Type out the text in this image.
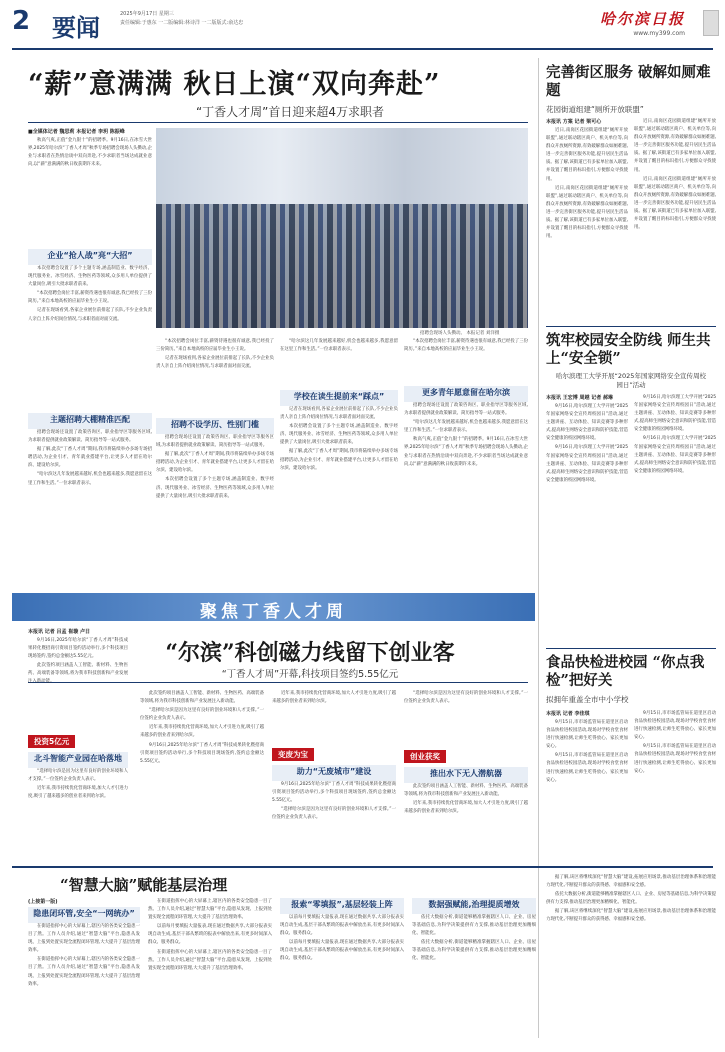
2 要闻	2025年9月17日 星期三
责任编辑:于惠东 一二版编辑:林诗洋 一二版版式:俞达忠	哈尔滨日报
www.my399.com
“薪”意满满 秋日上演“双向奔赴”
“丁香人才周”首日迎来超4万求职者
■全媒体记者 魏思莉 本报记者 李玥 陈振峰

秋高气爽,正值“金九银十”的招聘季。9月16日,在冰雪大世界,2025年哈尔滨“丁香人才周”秋季专场招聘会现场人头攒动,企业与求职者在热情洽谈中双向奔赴,不少求职者当场达成就业意向,以“薪”意满满的秋日收获期许未来。

企业“抢人战”亮“大招”

本次招聘会设置了多个主题专场,涵盖制造业、数字经济、现代服务业、冰雪经济、生物医药等领域,众多用人单位提供了大量岗位,吸引大批求职者前来。

“本次招聘会岗位丰富,薪资待遇也很有诚意,我已经投了三份简历。”来自本地高校的应届毕业生小王说。

记者在现场看到,各家企业展位前排起了长队,不少企业负责人亲自上阵介绍岗位情况,与求职者面对面交流。

主题招聘大棚精准匹配

招聘会现场还设置了政策咨询区、职业指导区等服务区域,为求职者提供就业政策解读、简历指导等一站式服务。

据了解,此次“丁香人才周”期间,我市将陆续举办多场专场招聘活动,为企业引才、青年就业搭建平台,让更多人才留在哈尔滨、建设哈尔滨。

“哈尔滨这几年发展越来越好,机会也越来越多,我愿意留在这里工作和生活。”一位求职者表示。

招聘会现场人头攒动。 本报记者 刘洋摄

“本次招聘会岗位丰富,薪资待遇也很有诚意,我已经投了三份简历。”来自本地高校的应届毕业生小王说。

记者在现场看到,各家企业展位前排起了长队,不少企业负责人亲自上阵介绍岗位情况,与求职者面对面交流。

招聘不设学历、性别门槛

招聘会现场还设置了政策咨询区、职业指导区等服务区域,为求职者提供就业政策解读、简历指导等一站式服务。

据了解,此次“丁香人才周”期间,我市将陆续举办多场专场招聘活动,为企业引才、青年就业搭建平台,让更多人才留在哈尔滨、建设哈尔滨。

本次招聘会设置了多个主题专场,涵盖制造业、数字经济、现代服务业、冰雪经济、生物医药等领域,众多用人单位提供了大量岗位,吸引大批求职者前来。

“哈尔滨这几年发展越来越好,机会也越来越多,我愿意留在这里工作和生活。”一位求职者表示。

学校在读生提前来“踩点”

记者在现场看到,各家企业展位前排起了长队,不少企业负责人亲自上阵介绍岗位情况,与求职者面对面交流。

本次招聘会设置了多个主题专场,涵盖制造业、数字经济、现代服务业、冰雪经济、生物医药等领域,众多用人单位提供了大量岗位,吸引大批求职者前来。

据了解,此次“丁香人才周”期间,我市将陆续举办多场专场招聘活动,为企业引才、青年就业搭建平台,让更多人才留在哈尔滨、建设哈尔滨。

“本次招聘会岗位丰富,薪资待遇也很有诚意,我已经投了三份简历。”来自本地高校的应届毕业生小王说。

更多青年愿意留在哈尔滨

招聘会现场还设置了政策咨询区、职业指导区等服务区域,为求职者提供就业政策解读、简历指导等一站式服务。

“哈尔滨这几年发展越来越好,机会也越来越多,我愿意留在这里工作和生活。”一位求职者表示。

秋高气爽,正值“金九银十”的招聘季。9月16日,在冰雪大世界,2025年哈尔滨“丁香人才周”秋季专场招聘会现场人头攒动,企业与求职者在热情洽谈中双向奔赴,不少求职者当场达成就业意向,以“薪”意满满的秋日收获期许未来。

完善街区服务 破解如厕难题
花园街道组建“厕所开放联盟”
本报讯 方案 记者 梁可心

近日,南岗区花园街道组建“厕所开放联盟”,通过联动辖区商户、机关单位等,向群众开放厕所资源,有效破解群众如厕难题,进一步完善街区服务功能,提升居民生活品质。据了解,该街道已有多家单位加入联盟,并设置了醒目的标识指引,方便群众寻找使用。

近日,南岗区花园街道组建“厕所开放联盟”,通过联动辖区商户、机关单位等,向群众开放厕所资源,有效破解群众如厕难题,进一步完善街区服务功能,提升居民生活品质。据了解,该街道已有多家单位加入联盟,并设置了醒目的标识指引,方便群众寻找使用。

近日,南岗区花园街道组建“厕所开放联盟”,通过联动辖区商户、机关单位等,向群众开放厕所资源,有效破解群众如厕难题,进一步完善街区服务功能,提升居民生活品质。据了解,该街道已有多家单位加入联盟,并设置了醒目的标识指引,方便群众寻找使用。

近日,南岗区花园街道组建“厕所开放联盟”,通过联动辖区商户、机关单位等,向群众开放厕所资源,有效破解群众如厕难题,进一步完善街区服务功能,提升居民生活品质。据了解,该街道已有多家单位加入联盟,并设置了醒目的标识指引,方便群众寻找使用。

筑牢校园安全防线 师生共上“安全锁”
哈尔滨理工大学开展“2025年国家网络安全宣传周校园日”活动
本报讯 王宏博 周越 记者 郝琳

9月16日,哈尔滨理工大学开展“2025年国家网络安全宣传周校园日”活动,通过主题讲座、互动体验、知识竞赛等多种形式,提高师生网络安全意识和防护技能,营造安全健康的校园网络环境。

9月16日,哈尔滨理工大学开展“2025年国家网络安全宣传周校园日”活动,通过主题讲座、互动体验、知识竞赛等多种形式,提高师生网络安全意识和防护技能,营造安全健康的校园网络环境。

9月16日,哈尔滨理工大学开展“2025年国家网络安全宣传周校园日”活动,通过主题讲座、互动体验、知识竞赛等多种形式,提高师生网络安全意识和防护技能,营造安全健康的校园网络环境。

9月16日,哈尔滨理工大学开展“2025年国家网络安全宣传周校园日”活动,通过主题讲座、互动体验、知识竞赛等多种形式,提高师生网络安全意识和防护技能,营造安全健康的校园网络环境。

食品快检进校园 “你点我检”把好关
拟拥年重盖全市中小学校
本报讯 记者 李佳琪

9月15日,市市场监管局在道里区启动食品快检进校园活动,现场对学校食堂食材进行快速检测,让师生吃得放心、家长更加安心。

9月15日,市市场监管局在道里区启动食品快检进校园活动,现场对学校食堂食材进行快速检测,让师生吃得放心、家长更加安心。

9月15日,市市场监管局在道里区启动食品快检进校园活动,现场对学校食堂食材进行快速检测,让师生吃得放心、家长更加安心。

9月15日,市市场监管局在道里区启动食品快检进校园活动,现场对学校食堂食材进行快速检测,让师生吃得放心、家长更加安心。

聚焦丁香人才周
“尔滨”科创磁力线留下创业客
“丁香人才周”开幕,科技项目签约5.55亿元
本报讯 记者 吕孟 崔璇 卢日

9月16日,2025年哈尔滨“丁香人才周”科技成果转化暨招商引资项目签约活动举行,多个科技项目现场签约,签约总金额达5.55亿元。

此次签约项目涵盖人工智能、新材料、生物医药、高端装备等领域,将为我市科技创新和产业发展注入新动能。

投资5亿元
北斗智能产业园在哈落地

“选择哈尔滨是因为这里有良好的创业环境和人才支撑。”一位签约企业负责人表示。

近年来,我市持续优化营商环境,加大人才引进力度,吸引了越来越多的创业者来到哈尔滨。

此次签约项目涵盖人工智能、新材料、生物医药、高端装备等领域,将为我市科技创新和产业发展注入新动能。

“选择哈尔滨是因为这里有良好的创业环境和人才支撑。”一位签约企业负责人表示。

近年来,我市持续优化营商环境,加大人才引进力度,吸引了越来越多的创业者来到哈尔滨。

9月16日,2025年哈尔滨“丁香人才周”科技成果转化暨招商引资项目签约活动举行,多个科技项目现场签约,签约总金额达5.55亿元。

近年来,我市持续优化营商环境,加大人才引进力度,吸引了越来越多的创业者来到哈尔滨。

变废为宝
助力“无废城市”建设

9月16日,2025年哈尔滨“丁香人才周”科技成果转化暨招商引资项目签约活动举行,多个科技项目现场签约,签约总金额达5.55亿元。

“选择哈尔滨是因为这里有良好的创业环境和人才支撑。”一位签约企业负责人表示。

“选择哈尔滨是因为这里有良好的创业环境和人才支撑。”一位签约企业负责人表示。

创业获奖
推出水下无人潜航器

此次签约项目涵盖人工智能、新材料、生物医药、高端装备等领域,将为我市科技创新和产业发展注入新动能。

近年来,我市持续优化营商环境,加大人才引进力度,吸引了越来越多的创业者来到哈尔滨。

“智慧大脑”赋能基层治理
(上接第一版)
隐患闭环管,安全“一网统办”

在街道指挥中心的大屏幕上,辖区内的各类安全隐患一目了然。工作人员介绍,通过“智慧大脑”平台,隐患从发现、上报到处置实现全流程闭环管理,大大提升了基层治理效率。

在街道指挥中心的大屏幕上,辖区内的各类安全隐患一目了然。工作人员介绍,通过“智慧大脑”平台,隐患从发现、上报到处置实现全流程闭环管理,大大提升了基层治理效率。

在街道指挥中心的大屏幕上,辖区内的各类安全隐患一目了然。工作人员介绍,通过“智慧大脑”平台,隐患从发现、上报到处置实现全流程闭环管理,大大提升了基层治理效率。

以前每月要填报大量报表,现在通过数据共享,大部分报表实现自动生成,基层干部从繁琐的报表中解放出来,有更多时间深入群众、服务群众。

在街道指挥中心的大屏幕上,辖区内的各类安全隐患一目了然。工作人员介绍,通过“智慧大脑”平台,隐患从发现、上报到处置实现全流程闭环管理,大大提升了基层治理效率。

报索“零填报”,基层轻装上阵

以前每月要填报大量报表,现在通过数据共享,大部分报表实现自动生成,基层干部从繁琐的报表中解放出来,有更多时间深入群众、服务群众。

以前每月要填报大量报表,现在通过数据共享,大部分报表实现自动生成,基层干部从繁琐的报表中解放出来,有更多时间深入群众、服务群众。

数据强赋能,治理提质增效

依托大数据分析,街道能够精准掌握辖区人口、企业、房屋等基础信息,为科学决策提供有力支撑,推动基层治理更加精细化、智能化。

依托大数据分析,街道能够精准掌握辖区人口、企业、房屋等基础信息,为科学决策提供有力支撑,推动基层治理更加精细化、智能化。

据了解,该区将继续深化“智慧大脑”建设,拓展应用场景,推动基层治理体系和治理能力现代化,不断提升群众的获得感、幸福感和安全感。

依托大数据分析,街道能够精准掌握辖区人口、企业、房屋等基础信息,为科学决策提供有力支撑,推动基层治理更加精细化、智能化。

据了解,该区将继续深化“智慧大脑”建设,拓展应用场景,推动基层治理体系和治理能力现代化,不断提升群众的获得感、幸福感和安全感。
